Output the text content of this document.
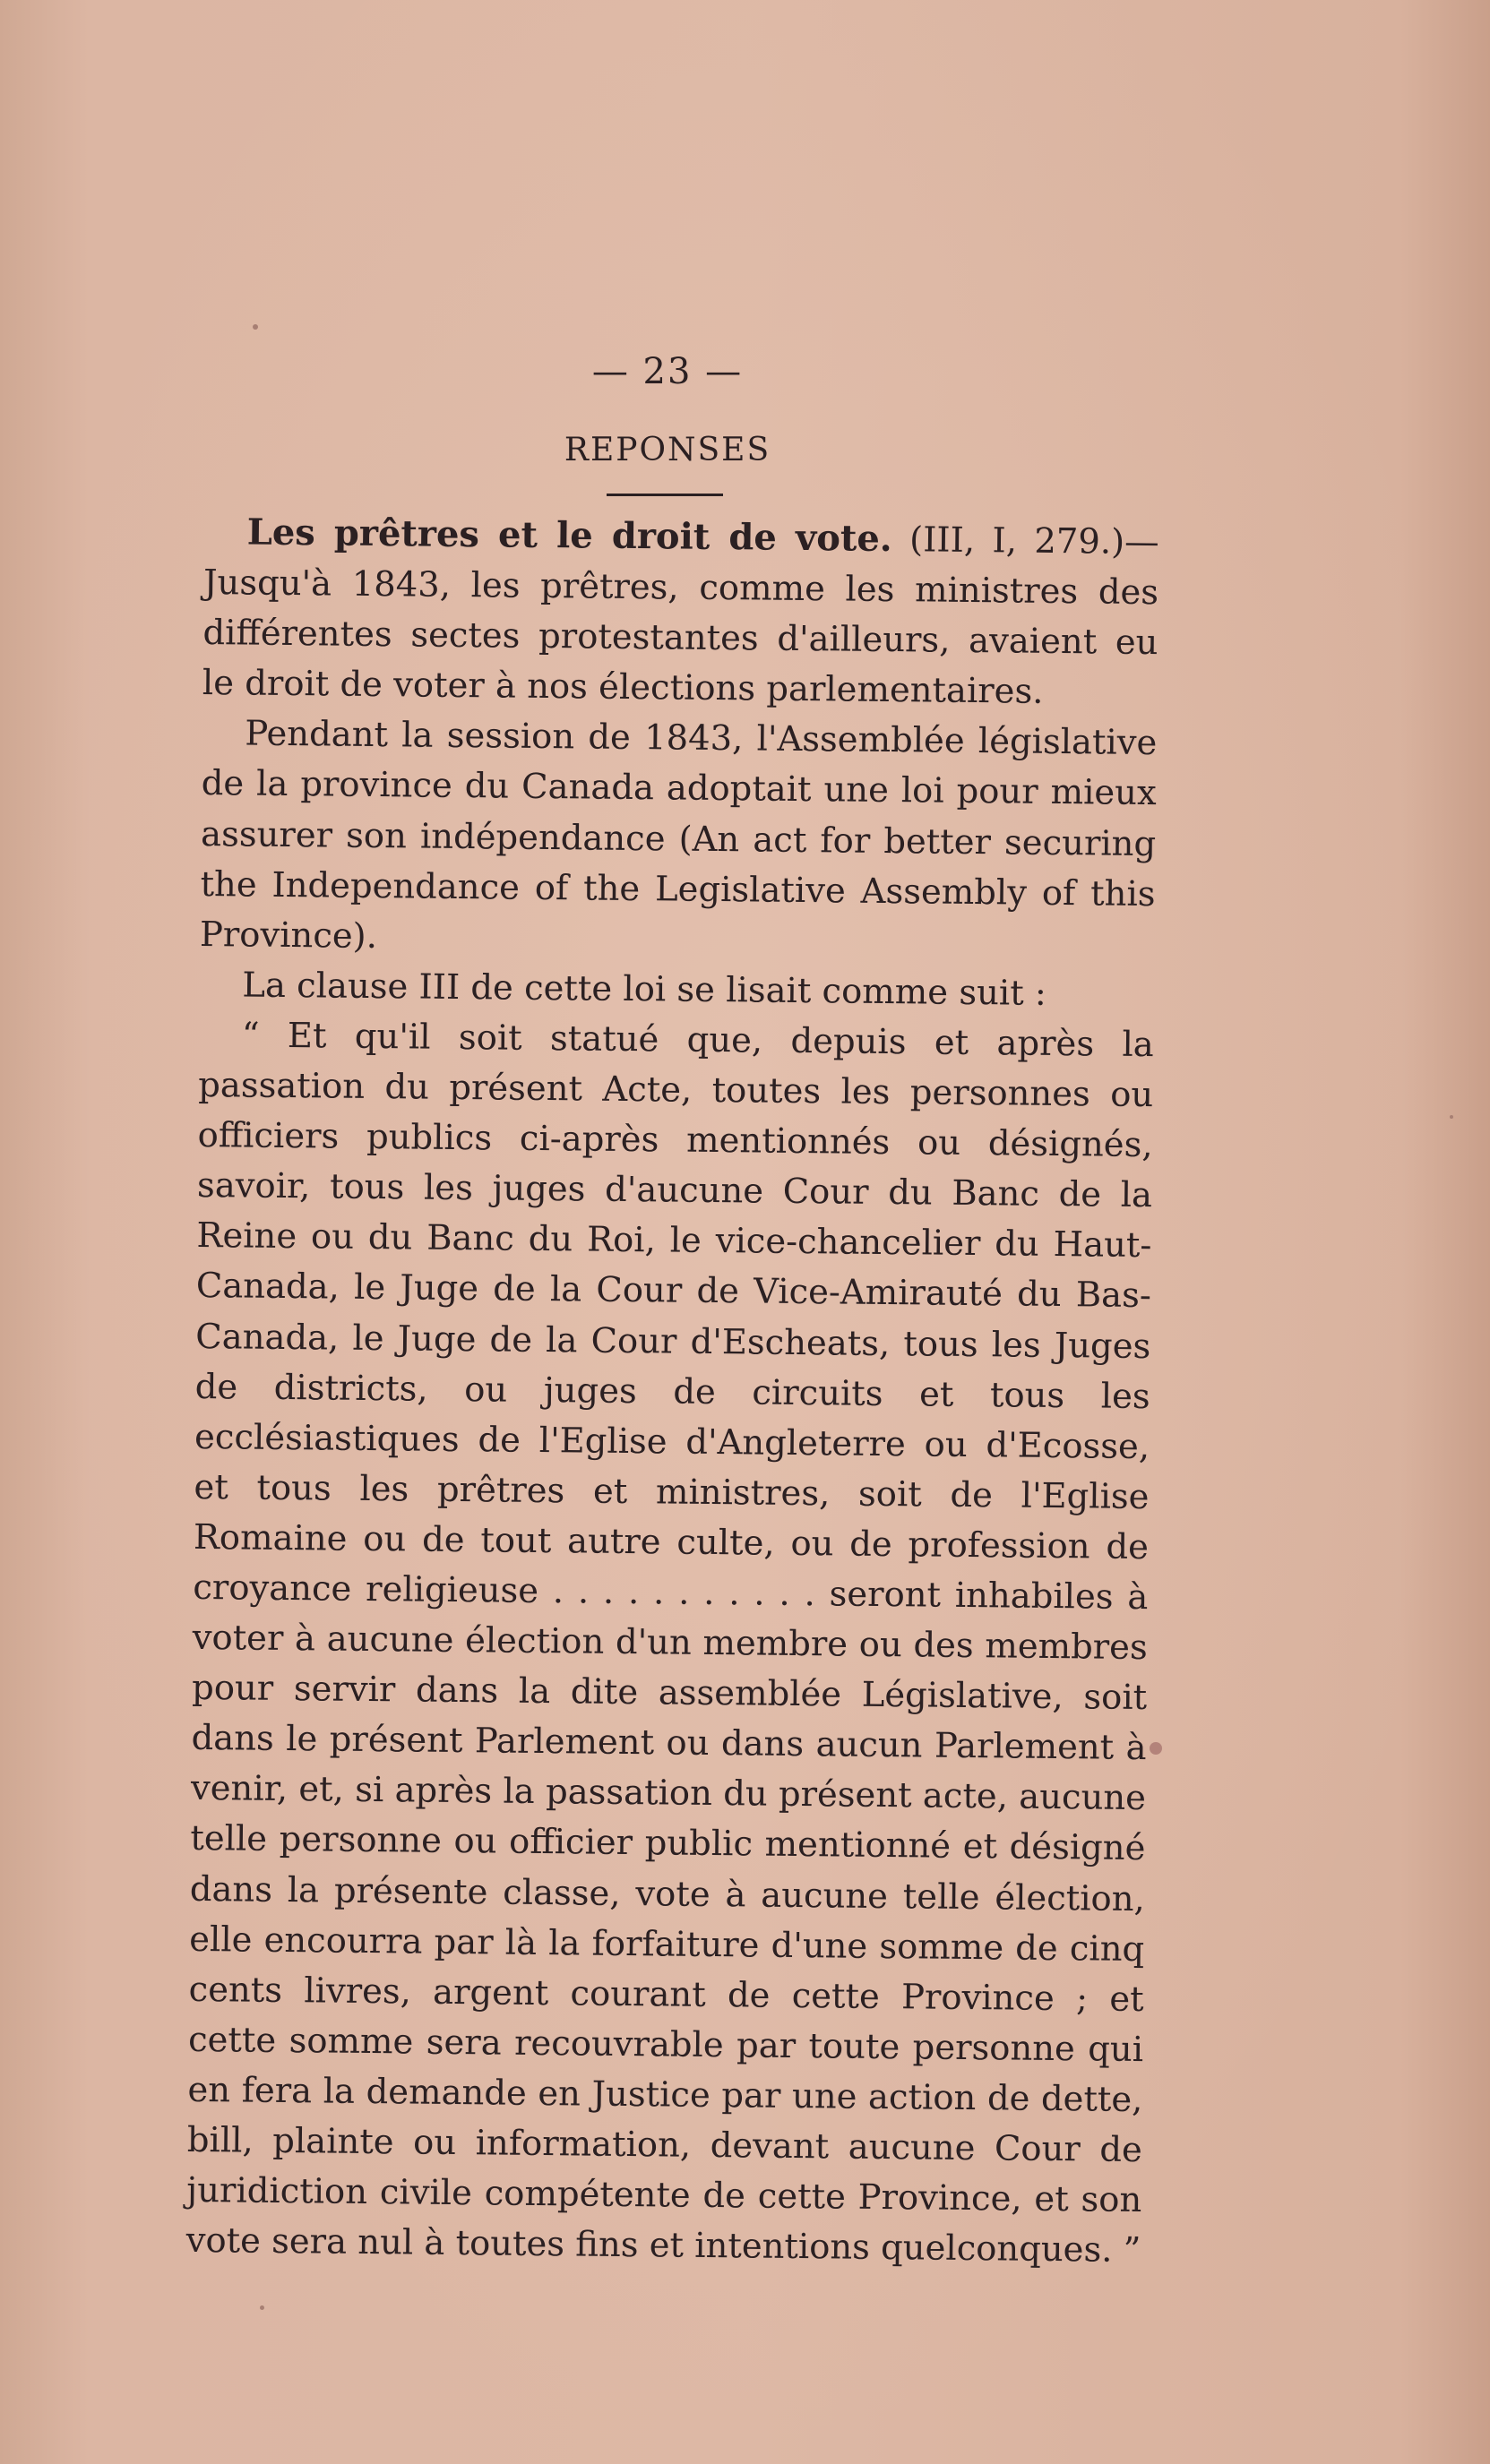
— 23 —
REPONSES

Les prêtres et le droit de vote. (III, I, 279.)— Jusqu'à 1843, les prêtres, comme les ministres des différentes sectes protestantes d'ailleurs, avaient eu le droit de voter à nos élections parlementaires.

Pendant la session de 1843, l'Assemblée législative de la province du Canada adoptait une loi pour mieux assurer son indépendance (An act for better securing the Independance of the Legislative Assembly of this Province).

La clause III de cette loi se lisait comme suit :

“ Et qu'il soit statué que, depuis et après la passation du présent Acte, toutes les personnes ou officiers publics ci-après mentionnés ou désignés, savoir, tous les juges d'aucune Cour du Banc de la Reine ou du Banc du Roi, le vice-chancelier du Haut-Canada, le Juge de la Cour de Vice-Amirauté du Bas-Canada, le Juge de la Cour d'Escheats, tous les Juges de districts, ou juges de circuits et tous les ecclésiastiques de l'Eglise d'Angleterre ou d'Ecosse, et tous les prêtres et ministres, soit de l'Eglise Romaine ou de tout autre culte, ou de profession de croyance religieuse . . . . . . . . . . . seront inhabiles à voter à aucune élection d'un membre ou des membres pour servir dans la dite assemblée Législative, soit dans le présent Parlement ou dans aucun Parlement à venir, et, si après la passation du présent acte, aucune telle personne ou officier public mentionné et désigné dans la présente classe, vote à aucune telle élection, elle encourra par là la forfaiture d'une somme de cinq cents livres, argent courant de cette Province ; et cette somme sera recouvrable par toute personne qui en fera la demande en Justice par une action de dette, bill, plainte ou information, devant aucune Cour de juridiction civile compétente de cette Province, et son vote sera nul à toutes fins et intentions quelconques. ”
